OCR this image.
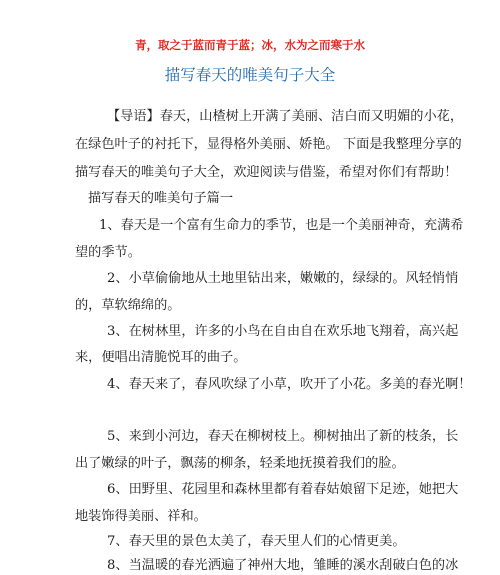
青，取之于蓝而青于蓝；冰，水为之而寒于水
描写春天的唯美句子大全
【导语】春天，山楂树上开满了美丽、洁白而又明媚的小花，
在绿色叶子的衬托下，显得格外美丽、娇艳。 下面是我整理分享的
描写春天的唯美句子大全，欢迎阅读与借鉴，希望对你们有帮助！
描写春天的唯美句子篇一
1、春天是一个富有生命力的季节，也是一个美丽神奇，充满希
望的季节。
2、小草偷偷地从土地里钻出来，嫩嫩的，绿绿的。风轻悄悄
的，草软绵绵的。
3、在树林里，许多的小鸟在自由自在欢乐地飞翔着，高兴起
来，便唱出清脆悦耳的曲子。
4、春天来了，春风吹绿了小草，吹开了小花。多美的春光啊！
5、来到小河边，春天在柳树枝上。柳树抽出了新的枝条，长
出了嫩绿的叶子，飘荡的柳条，轻柔地抚摸着我们的脸。
6、田野里、花园里和森林里都有着春姑娘留下足迹，她把大
地装饰得美丽、祥和。
7、春天里的景色太美了，春天里人们的心情更美。
8、当温暖的春光洒遍了神州大地，雏睡的溪水刮破白色的冰
